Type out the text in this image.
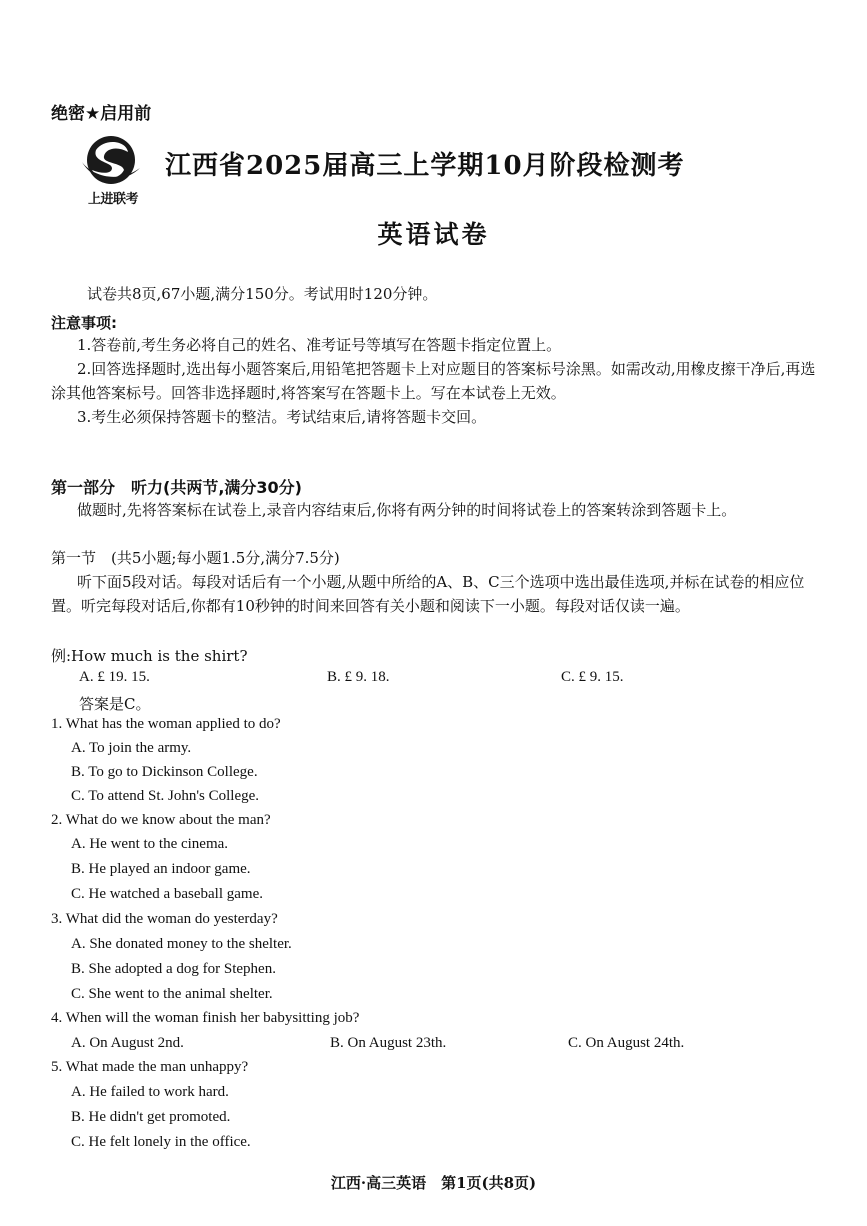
绝密★启用前
上进联考
江西省2025届高三上学期10月阶段检测考
英语试卷
试卷共8页,67小题,满分150分。考试用时120分钟。
注意事项:

1.答卷前,考生务必将自己的姓名、准考证号等填写在答题卡指定位置上。

2.回答选择题时,选出每小题答案后,用铅笔把答题卡上对应题目的答案标号涂黑。如需改动,用橡皮擦干净后,再选涂其他答案标号。回答非选择题时,将答案写在答题卡上。写在本试卷上无效。

3.考生必须保持答题卡的整洁。考试结束后,请将答题卡交回。

第一部分　听力(共两节,满分30分)

做题时,先将答案标在试卷上,录音内容结束后,你将有两分钟的时间将试卷上的答案转涂到答题卡上。

第一节　(共5小题;每小题1.5分,满分7.5分)

听下面5段对话。每段对话后有一个小题,从题中所给的A、B、C三个选项中选出最佳选项,并标在试卷的相应位置。听完每段对话后,你都有10秒钟的时间来回答有关小题和阅读下一小题。每段对话仅读一遍。

例:How much is the shirt?
A. £ 19. 15.	B. £ 9. 18.	C. £ 9. 15.
答案是C。
1. What has the woman applied to do?
A. To join the army.
B. To go to Dickinson College.
C. To attend St. John's College.
2. What do we know about the man?
A. He went to the cinema.
B. He played an indoor game.
C. He watched a baseball game.
3. What did the woman do yesterday?
A. She donated money to the shelter.
B. She adopted a dog for Stephen.
C. She went to the animal shelter.
4. When will the woman finish her babysitting job?
A. On August 2nd.	B. On August 23th.	C. On August 24th.
5. What made the man unhappy?
A. He failed to work hard.
B. He didn't get promoted.
C. He felt lonely in the office.
江西·高三英语　第1页(共8页)
